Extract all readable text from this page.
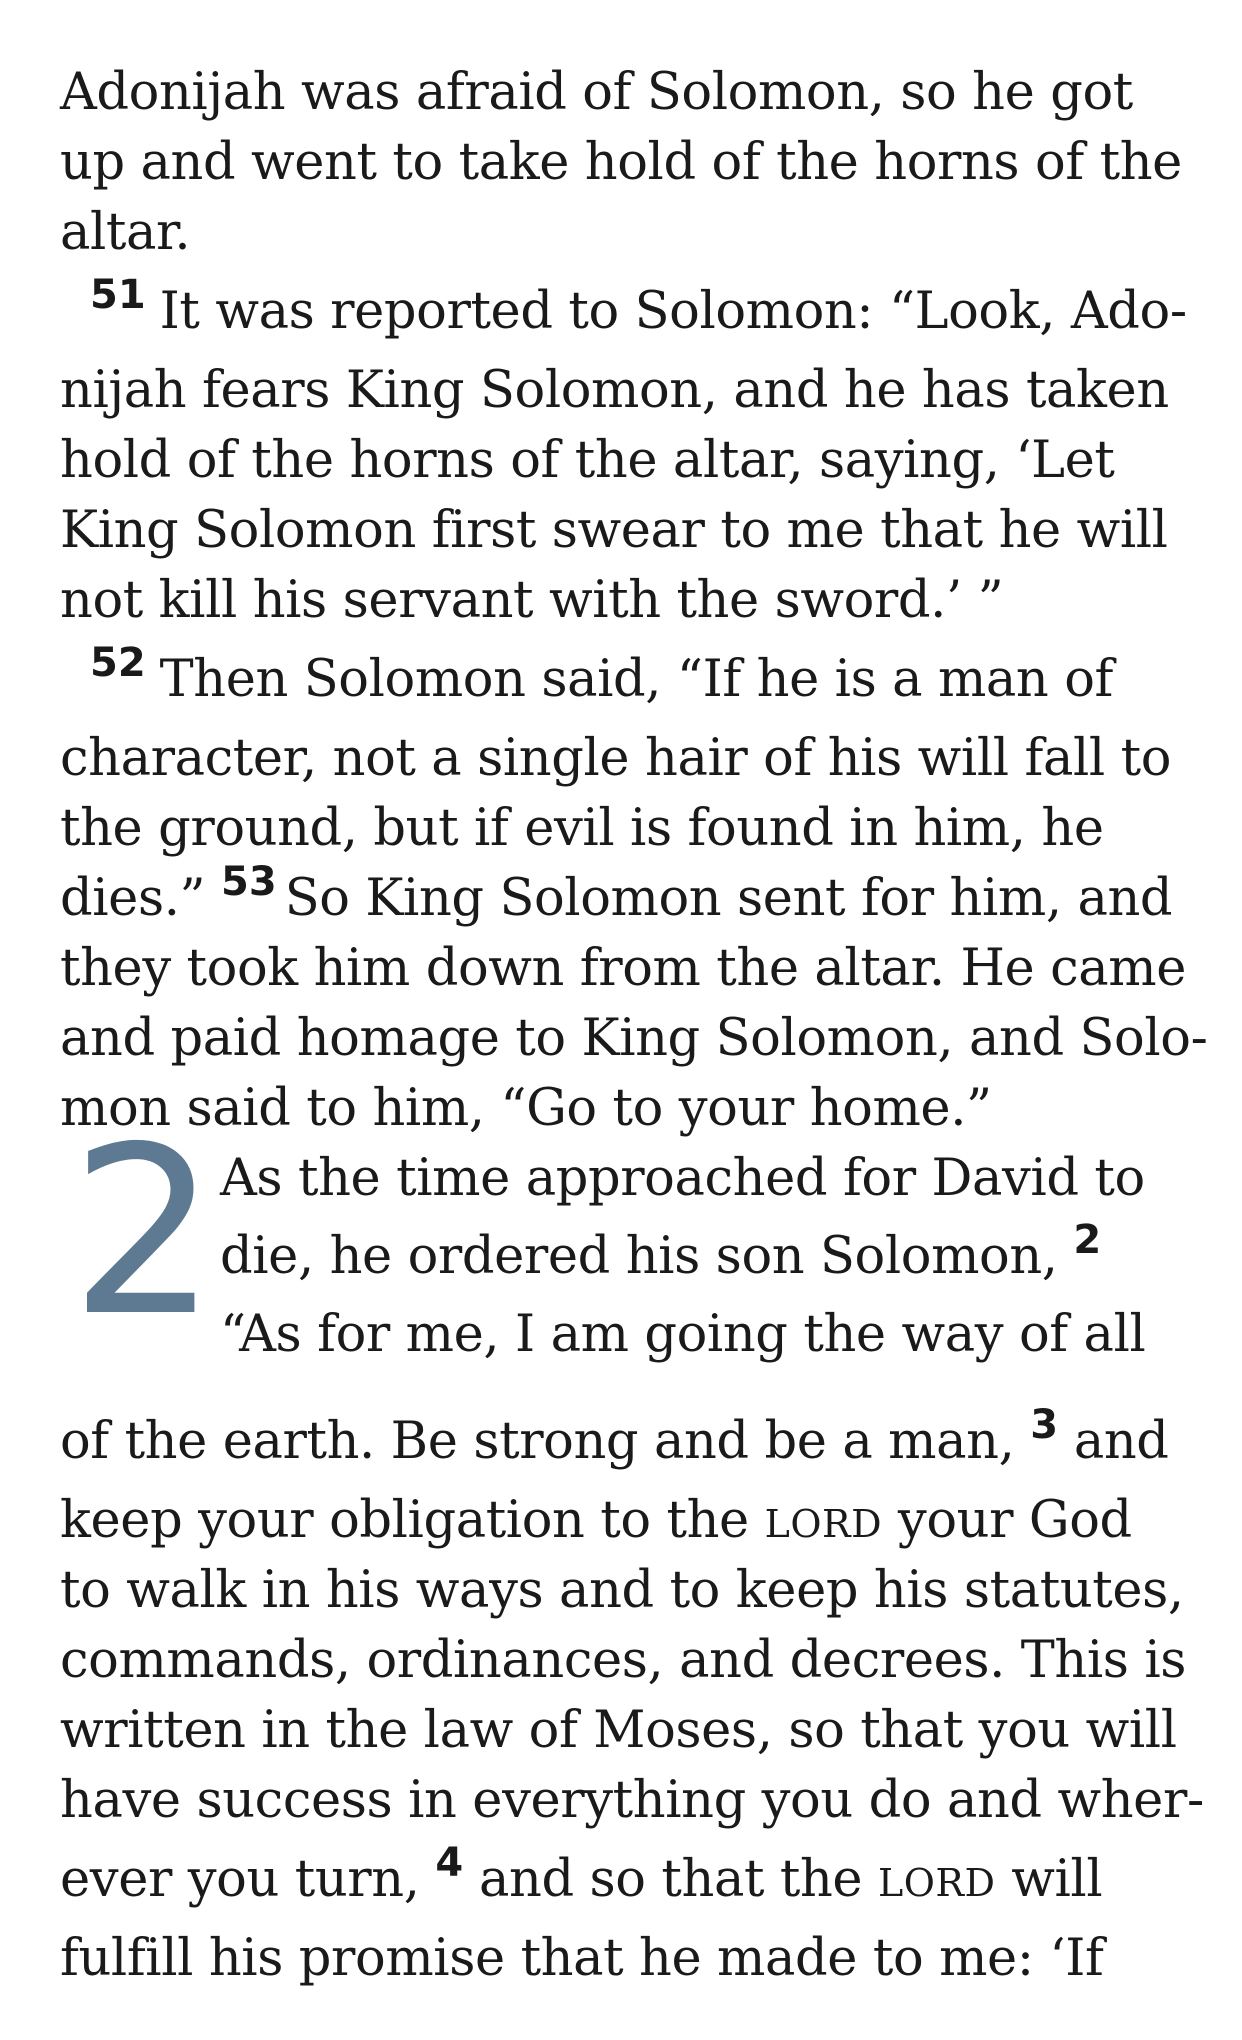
Adonijah was afraid of Solomon, so he got
up and went to take hold of the horns of the
altar.
$^{51}$ It was reported to Solomon: “Look, Ado-
nijah fears King Solomon, and he has taken
hold of the horns of the altar, saying, ‘Let
King Solomon first swear to me that he will
not kill his servant with the sword.’ ”
$^{52}$ Then Solomon said, “If he is a man of
character, not a single hair of his will fall to
the ground, but if evil is found in him, he
dies.” $^{53}$ So King Solomon sent for him, and
they took him down from the altar. He came
and paid homage to King Solomon, and Solo-
mon said to him, “Go to your home.”
2 As the time approached for David to
die, he ordered his son Solomon, $^2$
“As for me, I am going the way of all
of the earth. Be strong and be a man, $^3$ and
keep your obligation to the LORD your God
to walk in his ways and to keep his statutes,
commands, ordinances, and decrees. This is
written in the law of Moses, so that you will
have success in everything you do and wher-
ever you turn, $^4$ and so that the LORD will
fulfill his promise that he made to me: ‘If
